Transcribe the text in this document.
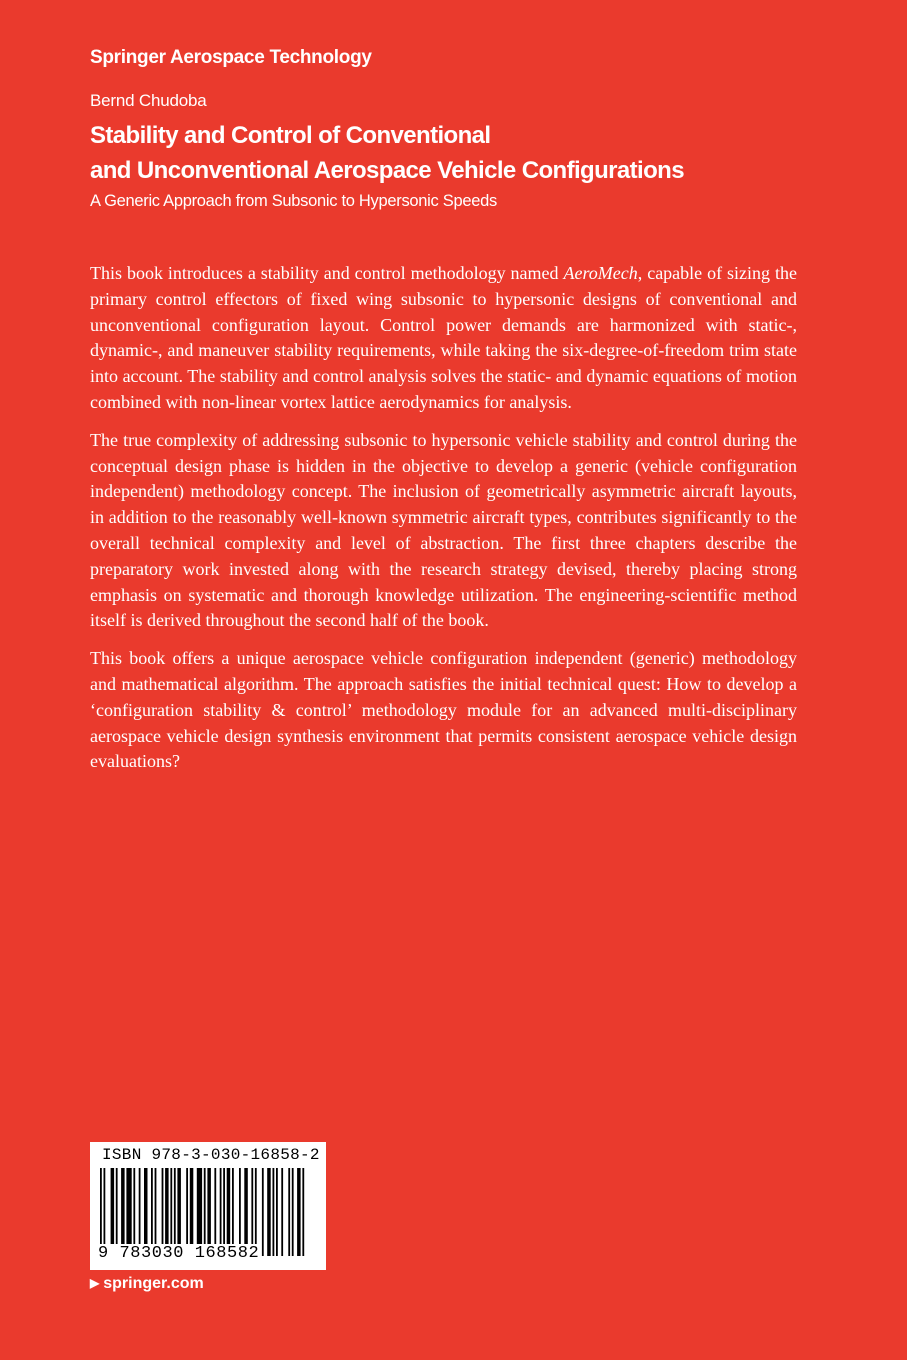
Springer Aerospace Technology
Bernd Chudoba
Stability and Control of Conventional
and Unconventional Aerospace Vehicle Configurations
A Generic Approach from Subsonic to Hypersonic Speeds

This book introduces a stability and control methodology named AeroMech, capable of sizing the primary control effectors of fixed wing subsonic to hypersonic designs of conventional and unconventional configuration layout. Control power demands are harmonized with static-, dynamic-, and maneuver stability requirements, while taking the six-degree-of-freedom trim state into account. The stability and control analysis solves the static- and dynamic equations of motion combined with non-linear vortex lattice aerodynamics for analysis.

The true complexity of addressing subsonic to hypersonic vehicle stability and control during the conceptual design phase is hidden in the objective to develop a generic (vehicle configuration independent) methodology concept. The inclusion of geometrically asymmetric aircraft layouts, in addition to the reasonably well-known symmetric aircraft types, contributes significantly to the overall technical complexity and level of abstraction. The first three chapters describe the preparatory work invested along with the research strategy devised, thereby placing strong emphasis on systematic and thorough knowledge utilization. The engineering-scientific method itself is derived throughout the second half of the book.

This book offers a unique aerospace vehicle configuration independent (generic) methodology and mathematical algorithm. The approach satisfies the initial technical quest: How to develop a ‘configuration stability & control’ methodology module for an advanced multi-disciplinary aerospace vehicle design synthesis environment that permits consistent aerospace vehicle design evaluations?

ISBN 978-3-030-16858-2
9 783030 168582
▶ springer.com
